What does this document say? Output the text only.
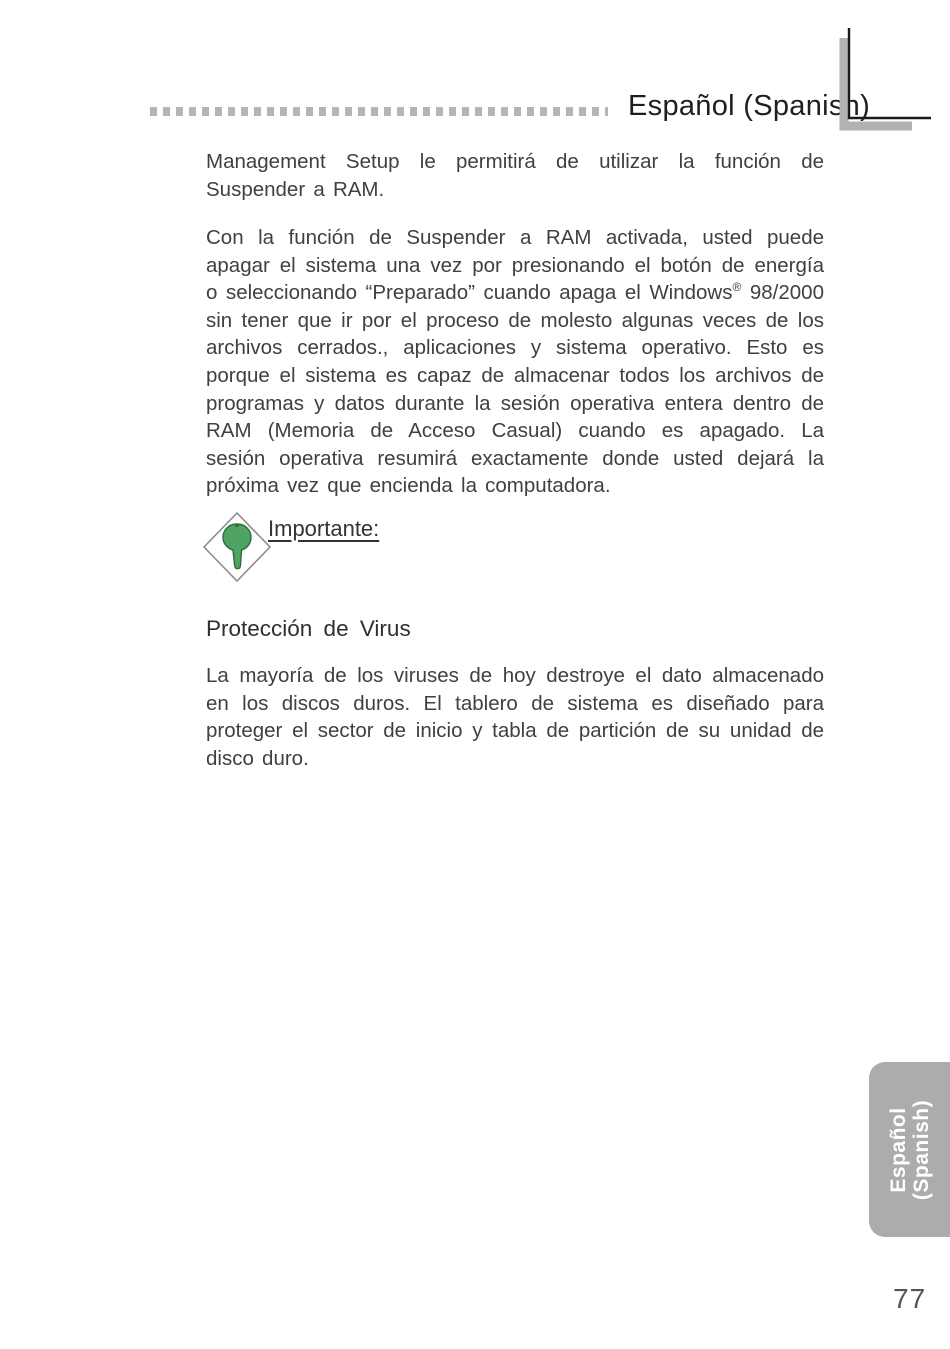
Español (Spanish)

Management Setup le permitirá de utilizar la función de Suspender a RAM.

Con la función de Suspender a RAM activada, usted puede apagar el sistema una vez por presionando el botón de energía o seleccionando “Preparado” cuando apaga el Windows® 98/2000 sin tener que ir por el proceso de molesto algunas veces de los archivos cerrados., aplicaciones y sistema operativo. Esto es porque el sistema es capaz de almacenar todos los archivos de programas y datos durante la sesión operativa entera dentro de RAM (Memoria de Acceso Casual) cuando es apagado. La sesión operativa resumirá exactamente donde usted dejará la próxima vez que encienda la computadora.

Importante:
Protección de Virus

La mayoría de los viruses de hoy destroye el dato almacenado en los discos duros. El tablero de sistema es diseñado para proteger el sector de inicio y tabla de partición de su unidad de disco duro.

Español (Spanish)
77
